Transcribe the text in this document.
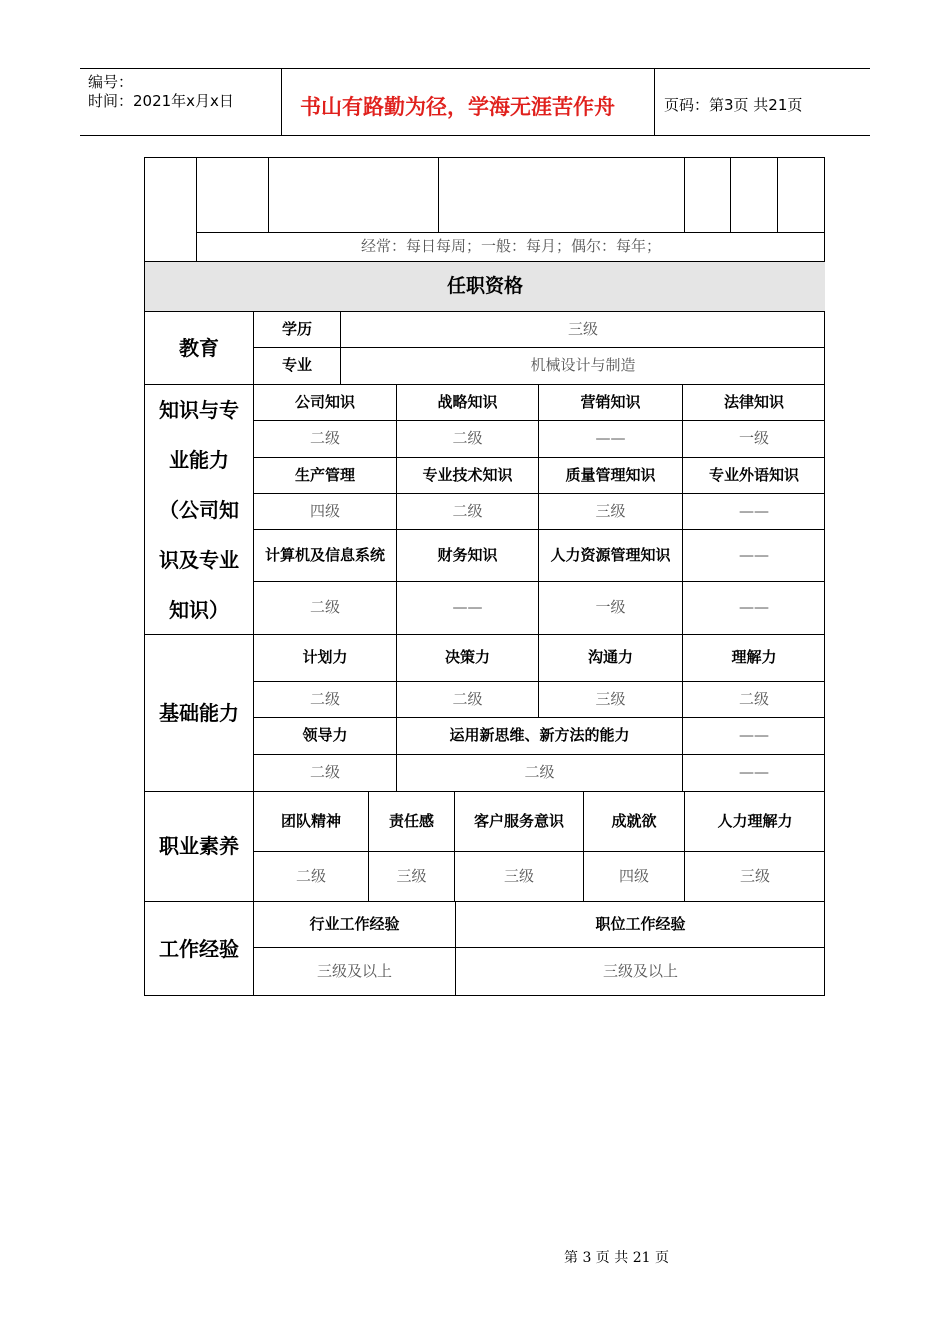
编号：
时间：2021年x月x日	书山有路勤为径，学海无涯苦作舟	页码：第3页 共21页
经常：每日每周；一般：每月；偶尔：每年；
任职资格
教育
学历	三级
专业	机械设计与制造
知识与专业能力（公司知识及专业知识）
公司知识	战略知识	营销知识	法律知识
二级	二级	——	一级
生产管理	专业技术知识	质量管理知识	专业外语知识
四级	二级	三级	——
计算机及信息系统	财务知识	人力资源管理知识	——
二级	——	一级	——
基础能力
计划力	决策力	沟通力	理解力
二级	二级	三级	二级
领导力	运用新思维、新方法的能力	——
二级	二级	——
职业素养
团队精神	责任感	客户服务意识	成就欲	人力理解力
二级	三级	三级	四级	三级
工作经验
行业工作经验	职位工作经验
三级及以上	三级及以上
第 3 页 共 21 页
